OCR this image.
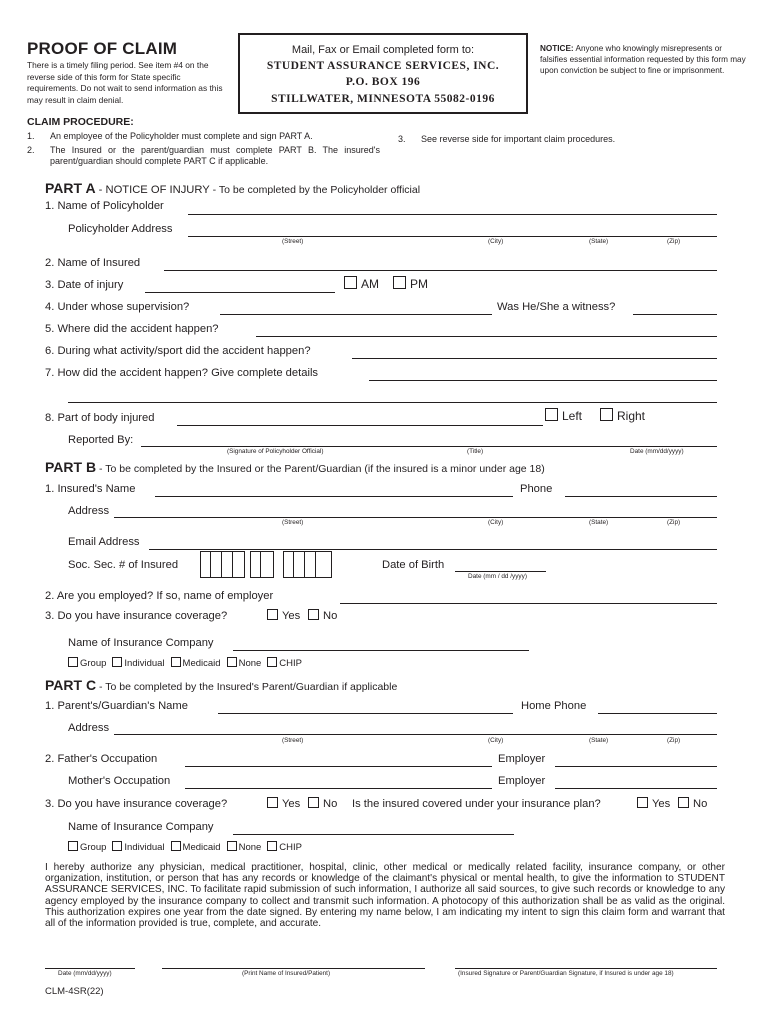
PROOF OF CLAIM
There is a timely filing period. See item #4 on the reverse side of this form for State specific requirements. Do not wait to send information as this may result in claim denial.
Mail, Fax or Email completed form to:
STUDENT ASSURANCE SERVICES, INC.
P.O. BOX 196
STILLWATER, MINNESOTA 55082-0196
NOTICE: Anyone who knowingly misrepresents or falsifies essential information requested by this form may upon conviction be subject to fine or imprisonment.
CLAIM PROCEDURE:
1. An employee of the Policyholder must complete and sign PART A.
2. The Insured or the parent/guardian must complete PART B. The insured's parent/guardian should complete PART C if applicable.
3. See reverse side for important claim procedures.
PART A - NOTICE OF INJURY - To be completed by the Policyholder official
1. Name of Policyholder
Policyholder Address
(Street)	(City)	(State)	(Zip)
2. Name of Insured
3. Date of injury	AM	PM
4. Under whose supervision?	Was He/She a witness?
5. Where did the accident happen?
6. During what activity/sport did the accident happen?
7. How did the accident happen? Give complete details
8. Part of body injured	Left	Right
Reported By:
(Signature of Policyholder Official)	(Title)	Date (mm/dd/yyyy)
PART B - To be completed by the Insured or the Parent/Guardian (if the insured is a minor under age 18)
1. Insured's Name	Phone
Address
(Street)	(City)	(State)	(Zip)
Email Address
Soc. Sec. # of Insured	Date of Birth
Date (mm / dd /yyyy)
2. Are you employed? If so, name of employer
3. Do you have insurance coverage?	Yes	No
Name of Insurance Company
Group Individual Medicaid None CHIP
PART C - To be completed by the Insured's Parent/Guardian if applicable
1. Parent's/Guardian's Name	Home Phone
Address
(Street)	(City)	(State)	(Zip)
2. Father's Occupation	Employer
Mother's Occupation	Employer
3. Do you have insurance coverage?	Yes	No Is the insured covered under your insurance plan?	Yes	No
Name of Insurance Company
Group Individual Medicaid None CHIP
I hereby authorize any physician, medical practitioner, hospital, clinic, other medical or medically related facility, insurance company, or other organization, institution, or person that has any records or knowledge of the claimant's physical or mental health, to give the information to STUDENT ASSURANCE SERVICES, INC. To facilitate rapid submission of such information, I authorize all said sources, to give such records or knowledge to any agency employed by the insurance company to collect and transmit such information. A photocopy of this authorization shall be as valid as the original. This authorization expires one year from the date signed. By entering my name below, I am indicating my intent to sign this claim form and warrant that all of the information provided is true, complete, and accurate.
Date (mm/dd/yyyy)	(Print Name of Insured/Patient)	(Insured Signature or Parent/Guardian Signature, if Insured is under age 18)
CLM-4SR(22)
